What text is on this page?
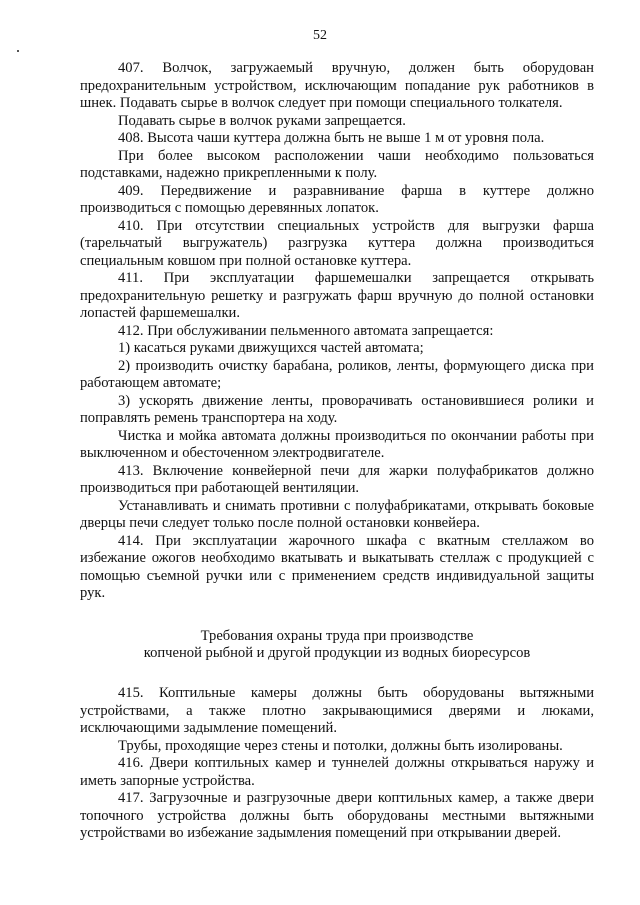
52

407. Волчок, загружаемый вручную, должен быть оборудован предохранительным устройством, исключающим попадание рук работников в шнек. Подавать сырье в волчок следует при помощи специального толкателя.

Подавать сырье в волчок руками запрещается.

408. Высота чаши куттера должна быть не выше 1 м от уровня пола.

При более высоком расположении чаши необходимо пользоваться подставками, надежно прикрепленными к полу.

409. Передвижение и разравнивание фарша в куттере должно производиться с помощью деревянных лопаток.

410. При отсутствии специальных устройств для выгрузки фарша (тарельчатый выгружатель) разгрузка куттера должна производиться специальным ковшом при полной остановке куттера.

411. При эксплуатации фаршемешалки запрещается открывать предохранительную решетку и разгружать фарш вручную до полной остановки лопастей фаршемешалки.

412. При обслуживании пельменного автомата запрещается:

1) касаться руками движущихся частей автомата;

2) производить очистку барабана, роликов, ленты, формующего диска при работающем автомате;

3) ускорять движение ленты, проворачивать остановившиеся ролики и поправлять ремень транспортера на ходу.

Чистка и мойка автомата должны производиться по окончании работы при выключенном и обесточенном электродвигателе.

413. Включение конвейерной печи для жарки полуфабрикатов должно производиться при работающей вентиляции.

Устанавливать и снимать противни с полуфабрикатами, открывать боковые дверцы печи следует только после полной остановки конвейера.

414. При эксплуатации жарочного шкафа с вкатным стеллажом во избежание ожогов необходимо вкатывать и выкатывать стеллаж с продукцией с помощью съемной ручки или с применением средств индивидуальной защиты рук.

Требования охраны труда при производстве
копченой рыбной и другой продукции из водных биоресурсов

415. Коптильные камеры должны быть оборудованы вытяжными устройствами, а также плотно закрывающимися дверями и люками, исключающими задымление помещений.

Трубы, проходящие через стены и потолки, должны быть изолированы.

416. Двери коптильных камер и туннелей должны открываться наружу и иметь запорные устройства.

417. Загрузочные и разгрузочные двери коптильных камер, а также двери топочного устройства должны быть оборудованы местными вытяжными устройствами во избежание задымления помещений при открывании дверей.
